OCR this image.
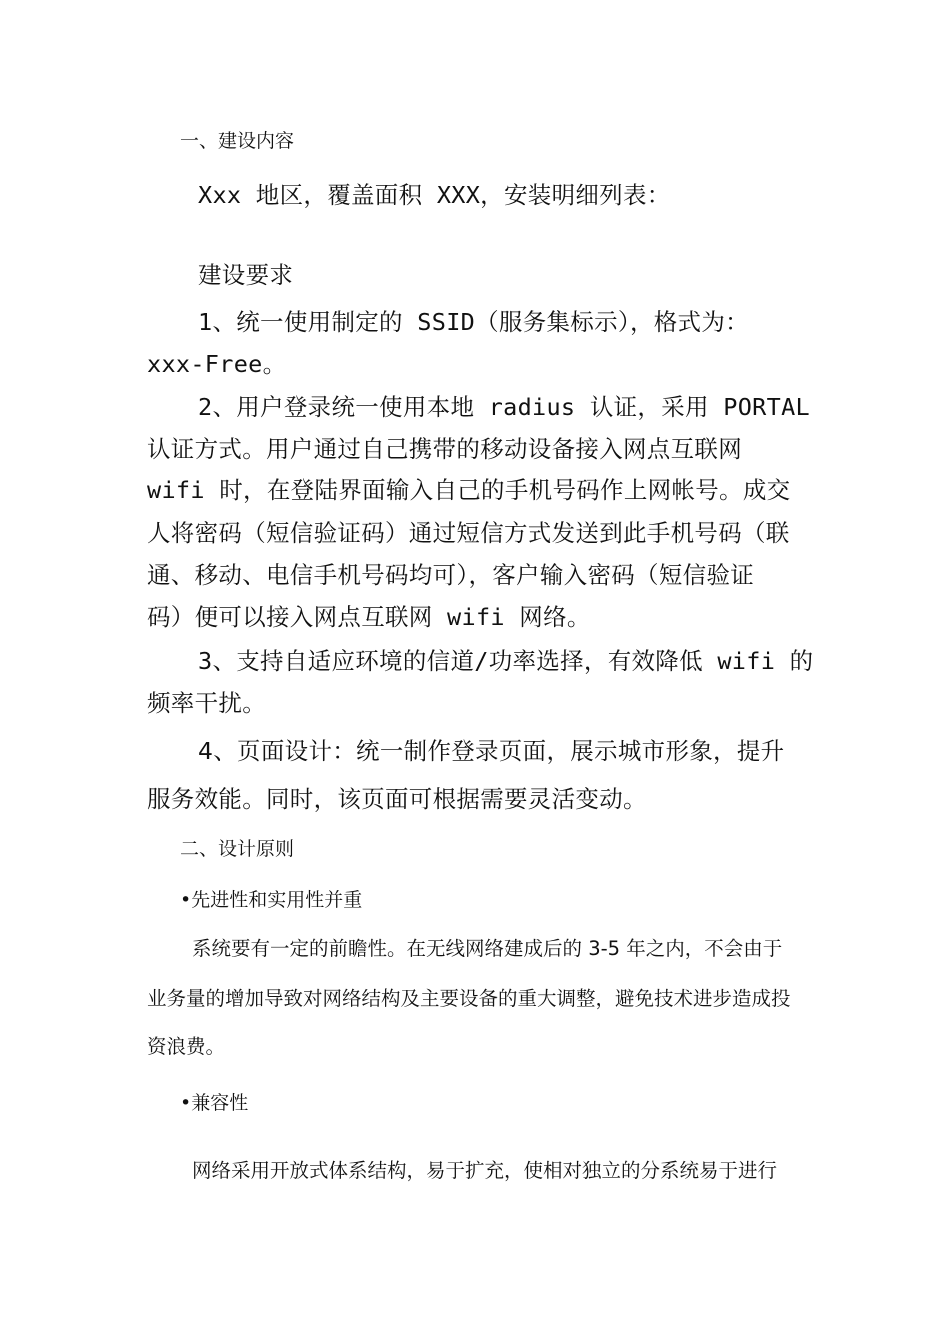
一、建设内容

Xxx 地区，覆盖面积 XXX，安装明细列表：

建设要求

1、统一使用制定的 SSID（服务集标示），格式为：

xxx-Free。

2、用户登录统一使用本地 radius 认证，采用 PORTAL

认证方式。用户通过自己携带的移动设备接入网点互联网

wifi 时，在登陆界面输入自己的手机号码作上网帐号。成交

人将密码（短信验证码）通过短信方式发送到此手机号码（联

通、移动、电信手机号码均可），客户输入密码（短信验证

码）便可以接入网点互联网 wifi 网络。

3、支持自适应环境的信道/功率选择，有效降低 wifi 的

频率干扰。

4、页面设计：统一制作登录页面，展示城市形象，提升

服务效能。同时，该页面可根据需要灵活变动。

二、设计原则

•先进性和实用性并重

系统要有一定的前瞻性。在无线网络建成后的 3-5 年之内，不会由于

业务量的增加导致对网络结构及主要设备的重大调整，避免技术进步造成投

资浪费。

•兼容性

网络采用开放式体系结构，易于扩充，使相对独立的分系统易于进行
